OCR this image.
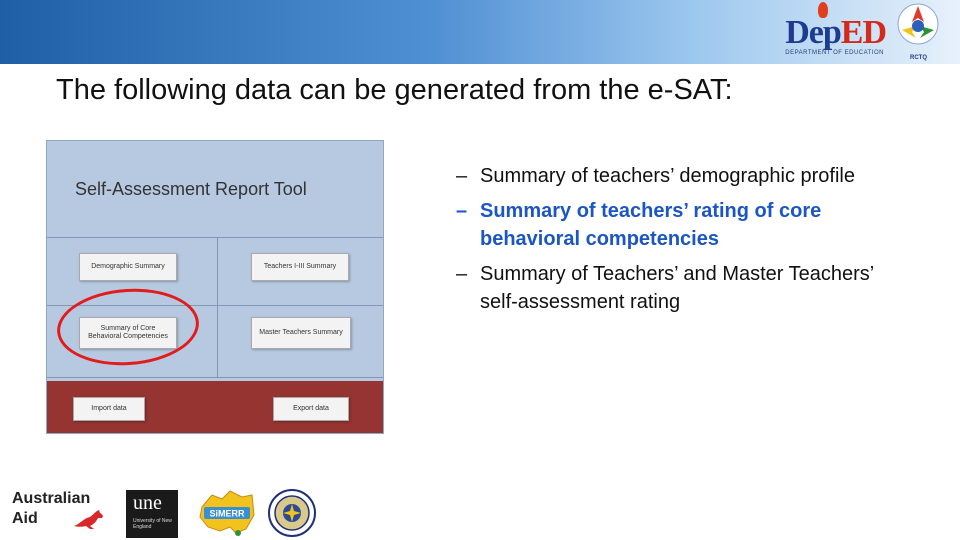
DepED
DEPARTMENT OF EDUCATION
RCTQ
The following data can be generated from the e-SAT:
Self-Assessment Report Tool
Demographic Summary	Teachers I-III Summary
Summary of Core Behavioral Competencies
Master Teachers Summary
Import data	Export data
– Summary of teachers’ demographic profile
– Summary of teachers’ rating of core behavioral competencies
– Summary of Teachers’ and Master Teachers’ self-assessment rating
Australian
Aid
une
University of New England
SiMERR
